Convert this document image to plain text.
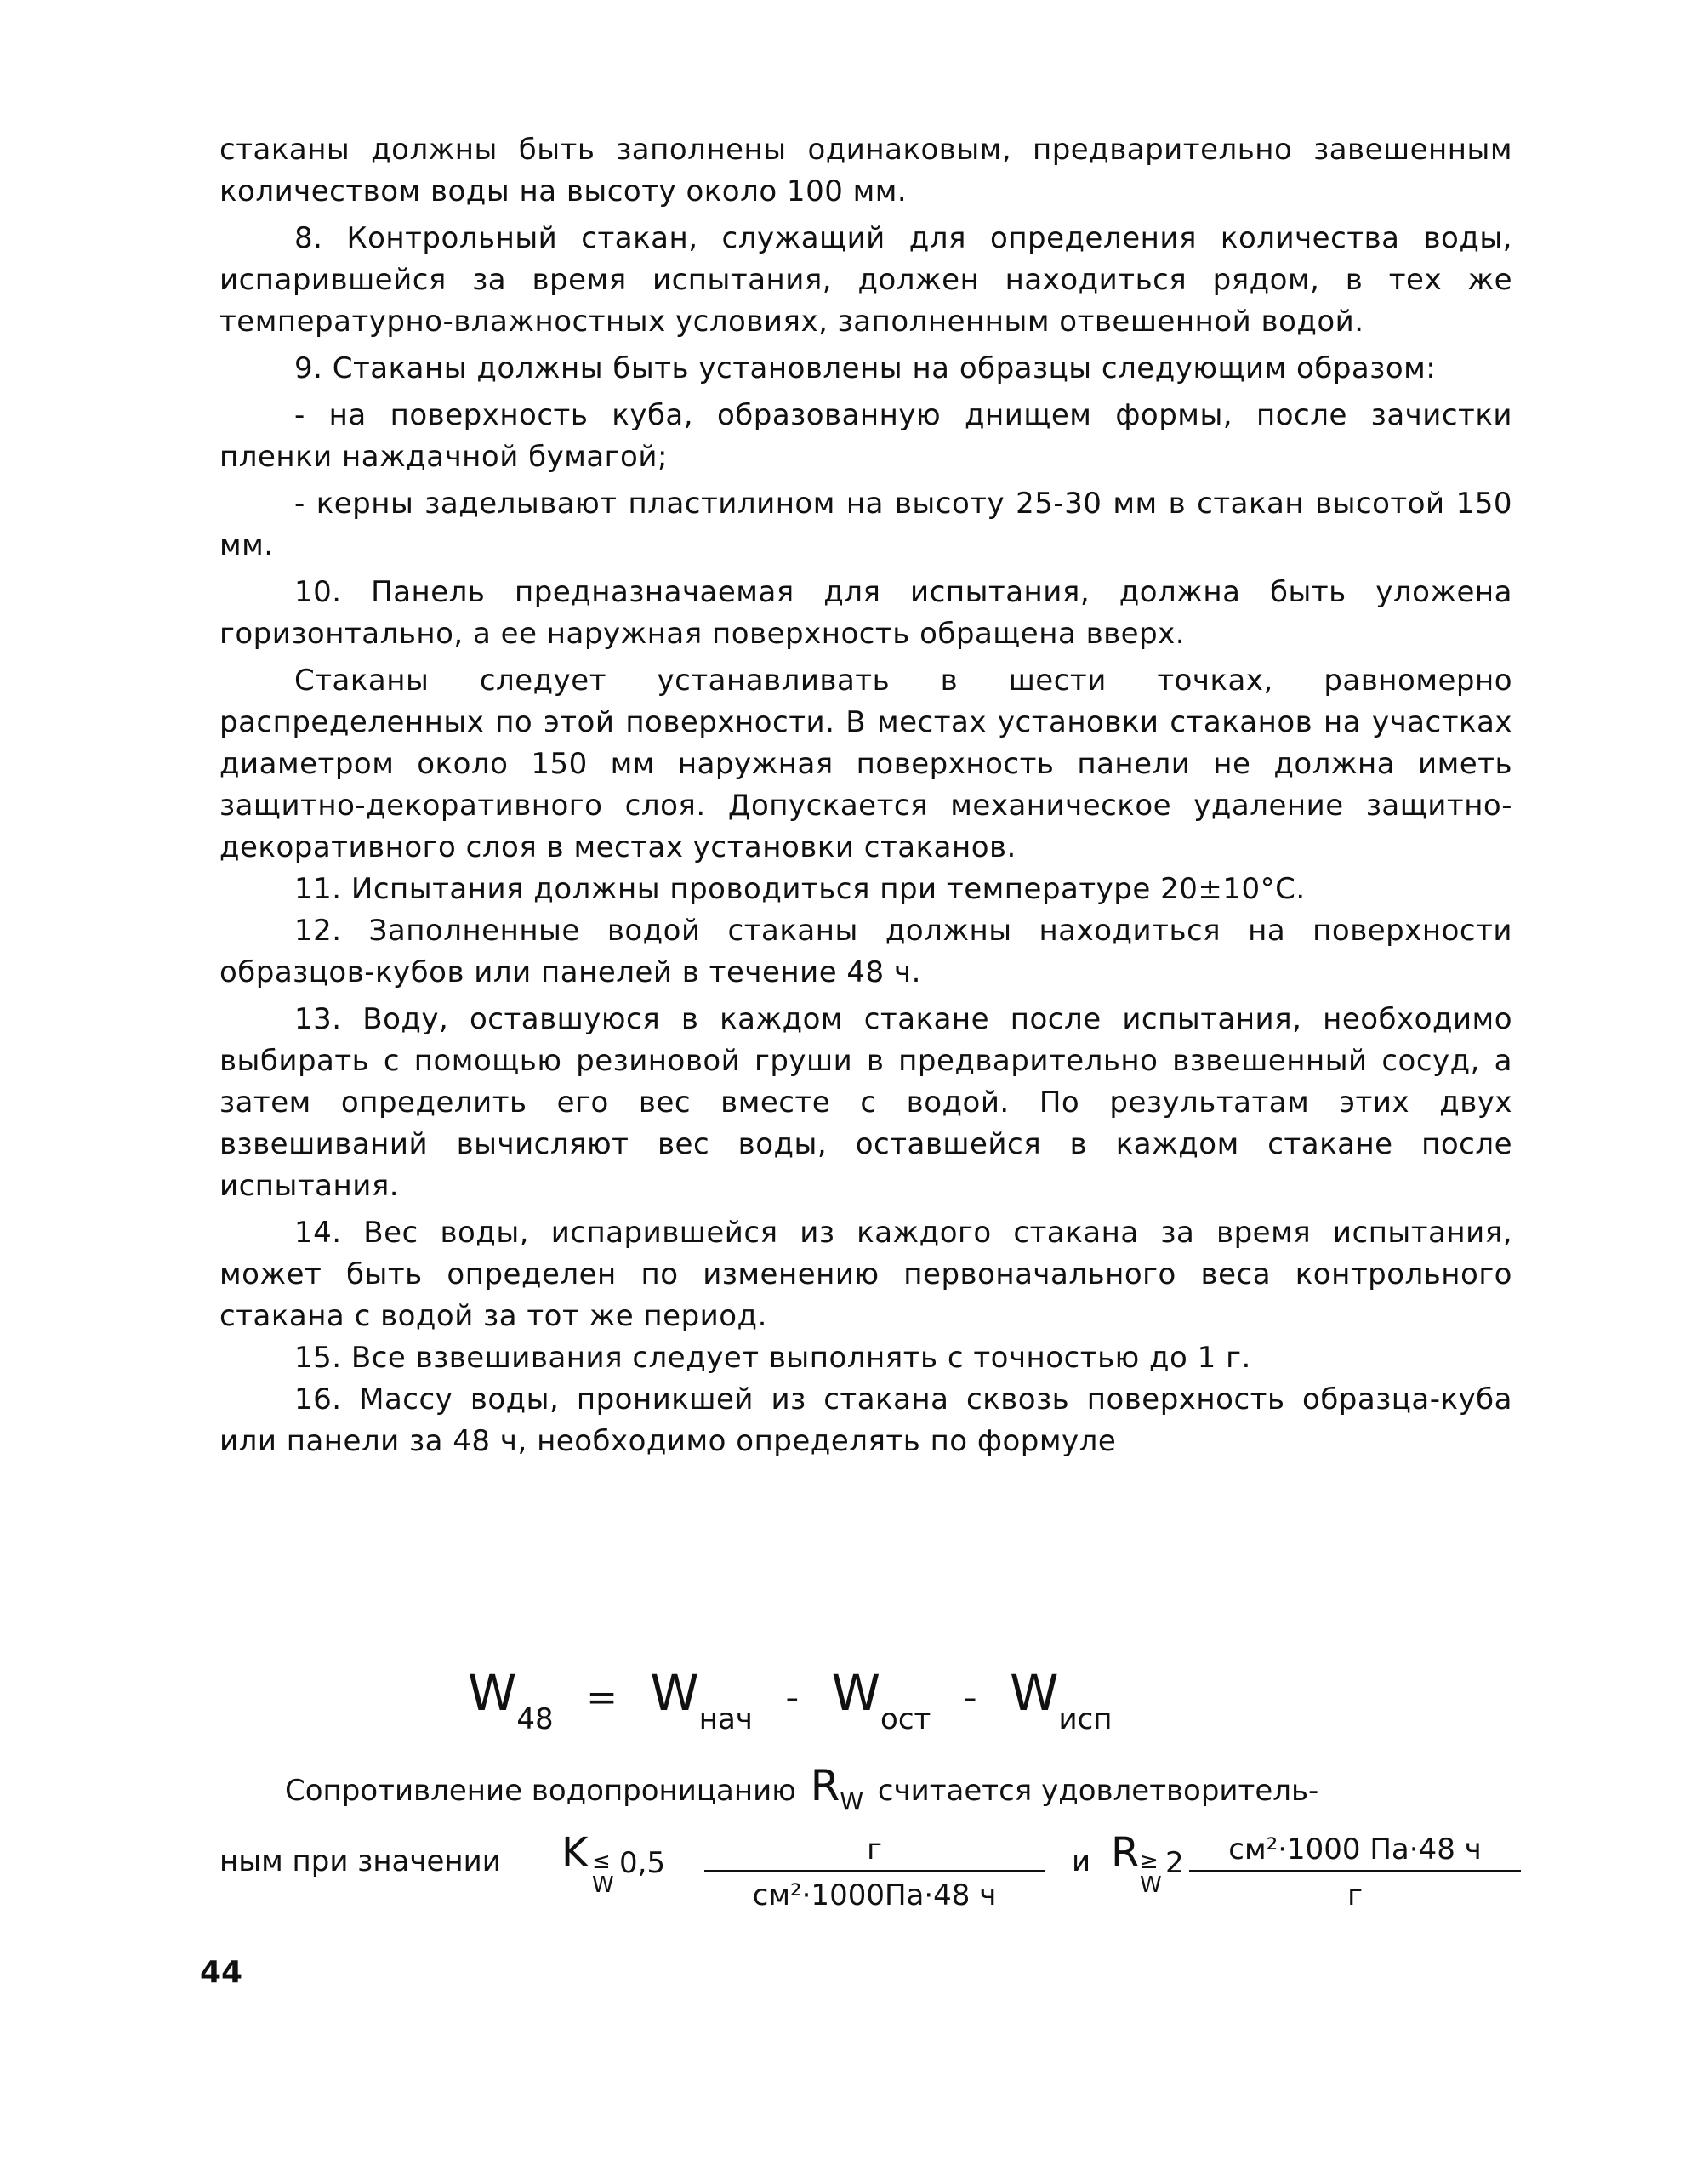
стаканы должны быть заполнены одинаковым, предварительно завешенным количеством воды на высоту около 100 мм.

8. Контрольный стакан, служащий для определения количества воды, испарившейся за время испытания, должен находиться рядом, в тех же температурно-влажностных условиях, заполненным отвешенной водой.

9. Стаканы должны быть установлены на образцы следующим образом:

- на поверхность куба, образованную днищем формы, после зачистки пленки наждачной бумагой;

- керны заделывают пластилином на высоту 25-30 мм в стакан высотой 150 мм.

10. Панель предназначаемая для испытания, должна быть уложена горизонтально, а ее наружная поверхность обращена вверх.

Стаканы следует устанавливать в шести точках, равномерно распределенных по этой поверхности. В местах установки стаканов на участках диаметром около 150 мм наружная поверхность панели не должна иметь защитно-декоративного слоя. Допускается механическое удаление защитно-декоративного слоя в местах установки стаканов.

11. Испытания должны проводиться при температуре 20±10°С.

12. Заполненные водой стаканы должны находиться на поверхности образцов-кубов или панелей в течение 48 ч.

13. Воду, оставшуюся в каждом стакане после испытания, необходимо выбирать с помощью резиновой груши в предварительно взвешенный сосуд, а затем определить его вес вместе с водой. По результатам этих двух взвешиваний вычисляют вес воды, оставшейся в каждом стакане после испытания.

14. Вес воды, испарившейся из каждого стакана за время испытания, может быть определен по изменению первоначального веса контрольного стакана с водой за тот же период.

15. Все взвешивания следует выполнять с точностью до 1 г.

16. Массу воды, проникшей из стакана сквозь поверхность образца-куба или панели за 48 ч, необходимо определять по формуле

$W_{48} = W_{нач} - W_{ост} - W_{исп}$
Сопротивление водопроницанию $R_W$ считается удовлетворитель-
ным при значении K ≤
W
0,5	г
см²·1000Па·48 ч
и R ≥
W
2	см²·1000 Па·48 ч
г
44
